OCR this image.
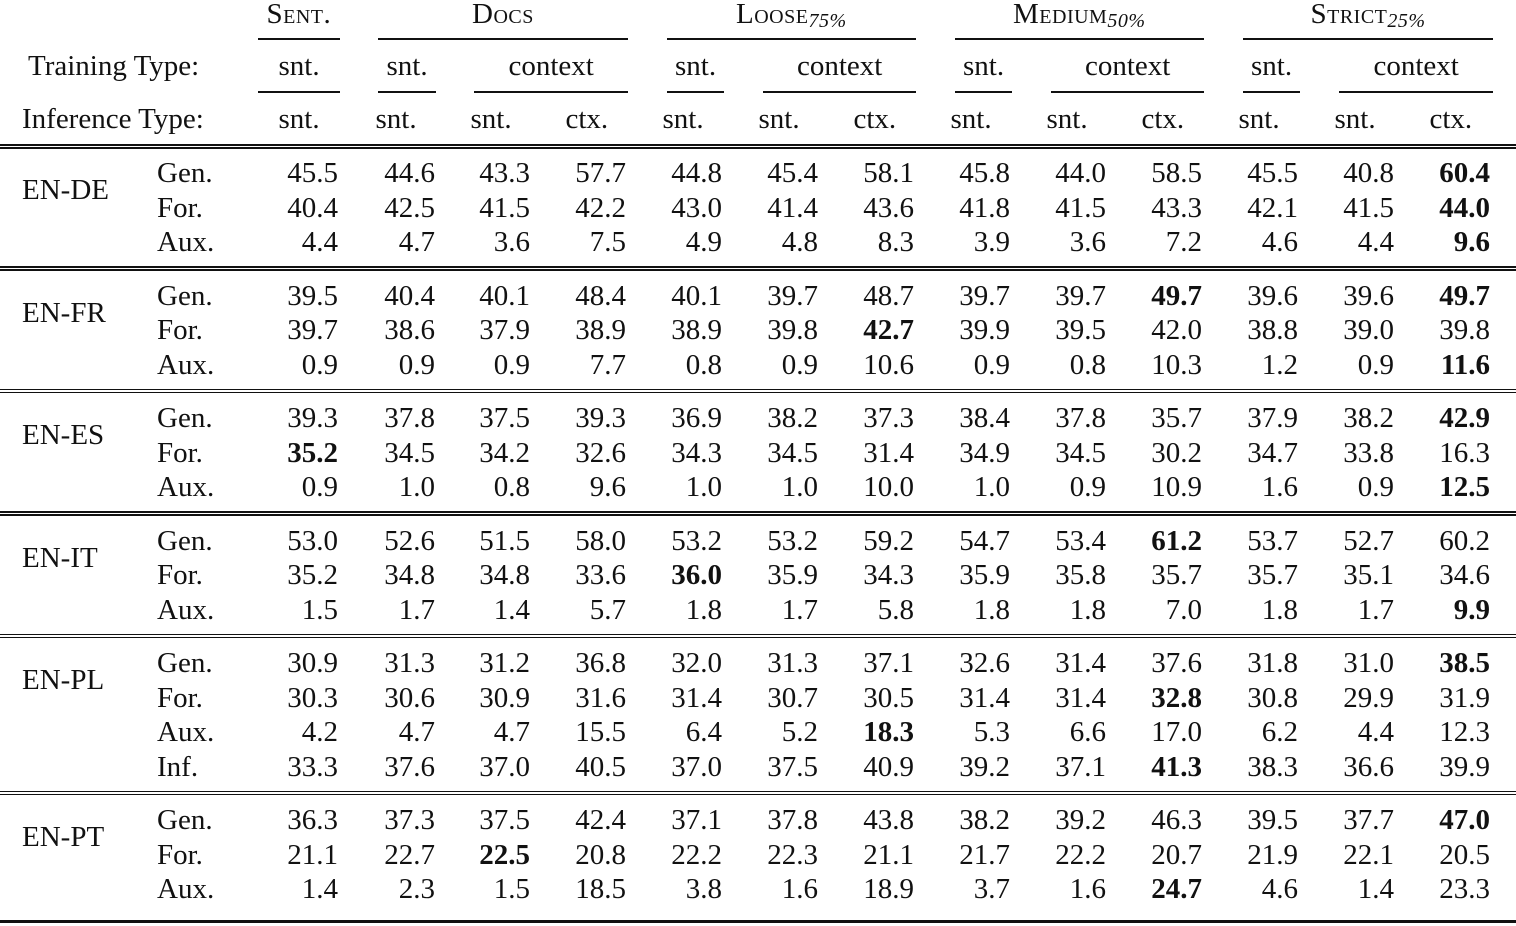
Sent.	Docs	Loose$_{75\%}$	Medium$_{50\%}$	Strict$_{25\%}$
Training Type:	snt. snt.	context	snt.	context	snt.	context	snt.	context
Inference Type:	snt. snt. snt. ctx. snt. snt. ctx. snt. snt. ctx. snt. snt. ctx.
EN-DE
Gen.	45.5	44.6	43.3	57.7	44.8	45.4	58.1	45.8	44.0	58.5	45.5	40.8	60.4
For.	40.4	42.5	41.5	42.2	43.0	41.4	43.6	41.8	41.5	43.3	42.1	41.5	44.0
Aux.	4.4	4.7	3.6	7.5	4.9	4.8	8.3	3.9	3.6	7.2	4.6	4.4	9.6
EN-FR
Gen.	39.5	40.4	40.1	48.4	40.1	39.7	48.7	39.7	39.7	49.7	39.6	39.6	49.7
For.	39.7	38.6	37.9	38.9	38.9	39.8	42.7	39.9	39.5	42.0	38.8	39.0	39.8
Aux.	0.9	0.9	0.9	7.7	0.8	0.9	10.6	0.9	0.8	10.3	1.2	0.9	11.6
EN-ES
Gen.	39.3	37.8	37.5	39.3	36.9	38.2	37.3	38.4	37.8	35.7	37.9	38.2	42.9
For.	35.2	34.5	34.2	32.6	34.3	34.5	31.4	34.9	34.5	30.2	34.7	33.8	16.3
Aux.	0.9	1.0	0.8	9.6	1.0	1.0	10.0	1.0	0.9	10.9	1.6	0.9	12.5
EN-IT
Gen.	53.0	52.6	51.5	58.0	53.2	53.2	59.2	54.7	53.4	61.2	53.7	52.7	60.2
For.	35.2	34.8	34.8	33.6	36.0	35.9	34.3	35.9	35.8	35.7	35.7	35.1	34.6
Aux.	1.5	1.7	1.4	5.7	1.8	1.7	5.8	1.8	1.8	7.0	1.8	1.7	9.9
EN-PL
Gen.	30.9	31.3	31.2	36.8	32.0	31.3	37.1	32.6	31.4	37.6	31.8	31.0	38.5
For.	30.3	30.6	30.9	31.6	31.4	30.7	30.5	31.4	31.4	32.8	30.8	29.9	31.9
Aux.	4.2	4.7	4.7	15.5	6.4	5.2	18.3	5.3	6.6	17.0	6.2	4.4	12.3
Inf.	33.3	37.6	37.0	40.5	37.0	37.5	40.9	39.2	37.1	41.3	38.3	36.6	39.9
EN-PT
Gen.	36.3	37.3	37.5	42.4	37.1	37.8	43.8	38.2	39.2	46.3	39.5	37.7	47.0
For.	21.1	22.7	22.5	20.8	22.2	22.3	21.1	21.7	22.2	20.7	21.9	22.1	20.5
Aux.	1.4	2.3	1.5	18.5	3.8	1.6	18.9	3.7	1.6	24.7	4.6	1.4	23.3
